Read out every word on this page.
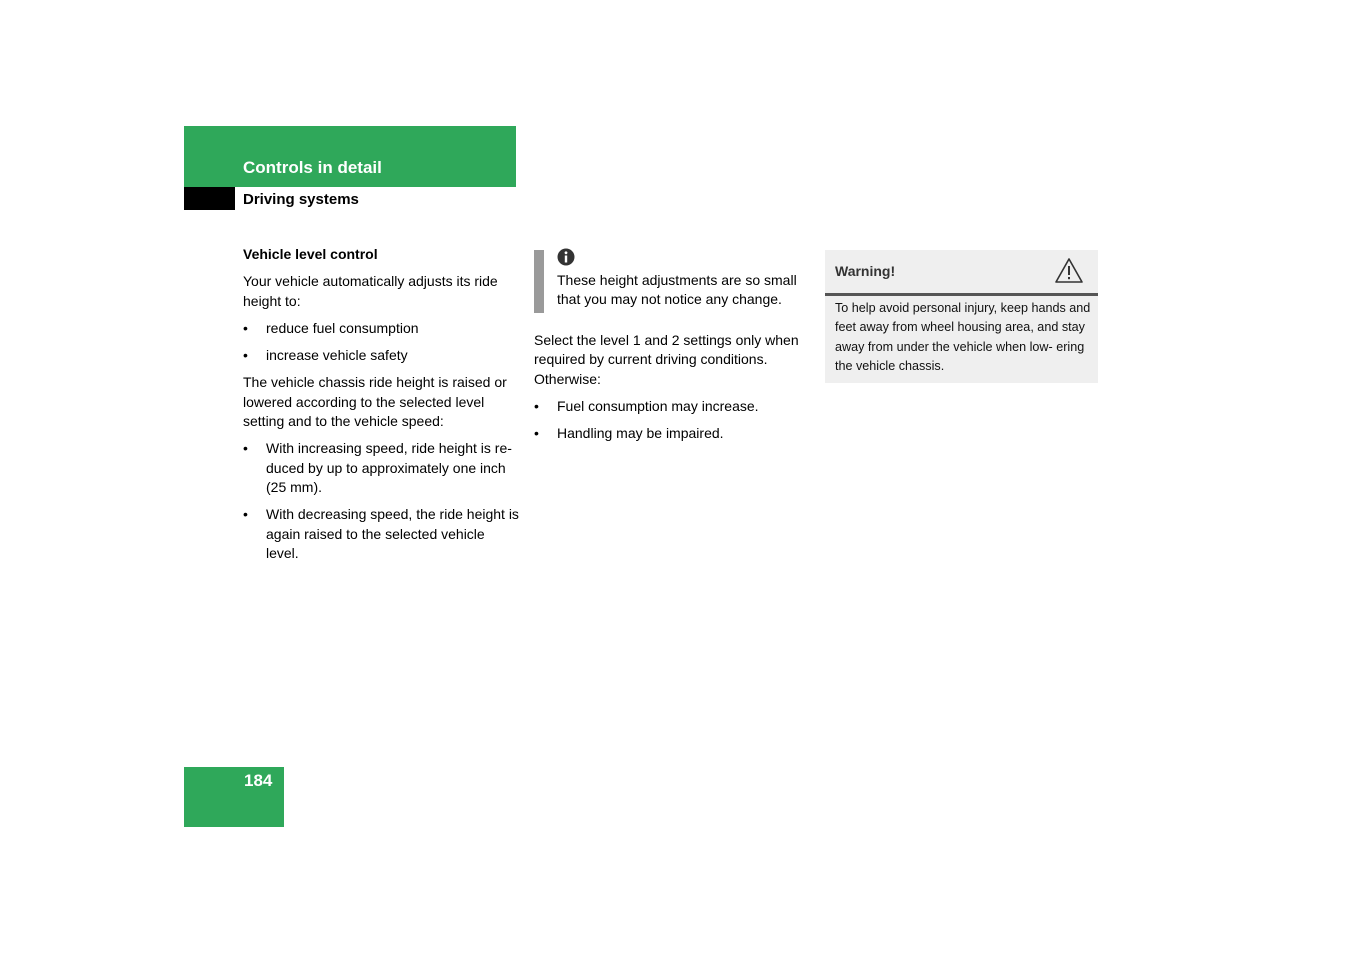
Controls in detail
Driving systems

Vehicle level control

Your vehicle automatically adjusts its ride height to:

• reduce fuel consumption
• increase vehicle safety

The vehicle chassis ride height is raised or lowered according to the selected level setting and to the vehicle speed:

• With increasing speed, ride height is re- duced by up to approximately one inch (25 mm).
• With decreasing speed, the ride height is again raised to the selected vehicle level.
These height adjustments are so small that you may not notice any change.

Select the level 1 and 2 settings only when required by current driving conditions. Otherwise:

• Fuel consumption may increase.
• Handling may be impaired.
Warning!
To help avoid personal injury, keep hands and feet away from wheel housing area, and stay away from under the vehicle when low- ering the vehicle chassis.
184
